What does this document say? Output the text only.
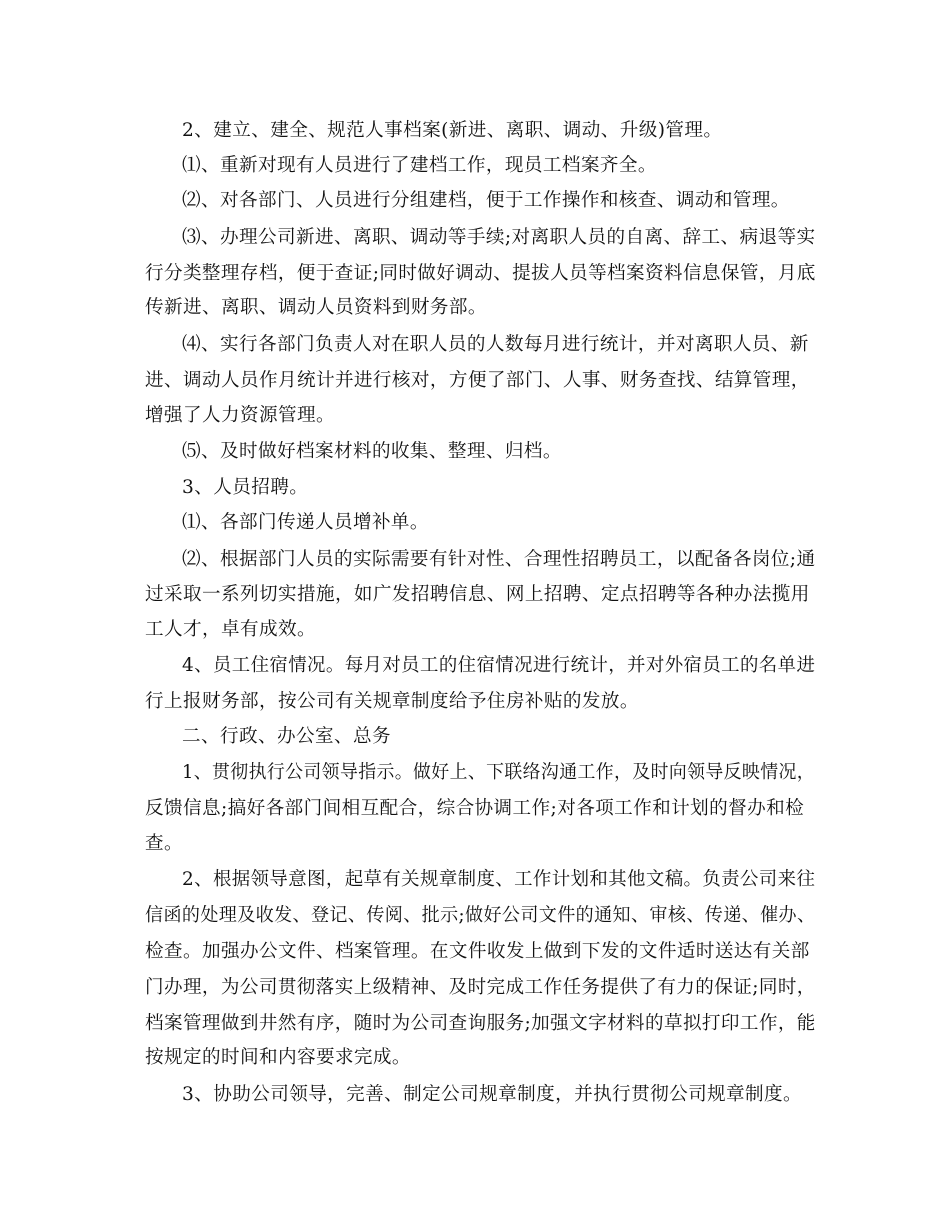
2、建立、建全、规范人事档案(新进、离职、调动、升级)管理。
⑴、重新对现有人员进行了建档工作，现员工档案齐全。
⑵、对各部门、人员进行分组建档，便于工作操作和核查、调动和管理。
⑶、办理公司新进、离职、调动等手续;对离职人员的自离、辞工、病退等实
行分类整理存档，便于查证;同时做好调动、提拔人员等档案资料信息保管，月底
传新进、离职、调动人员资料到财务部。
⑷、实行各部门负责人对在职人员的人数每月进行统计，并对离职人员、新
进、调动人员作月统计并进行核对，方便了部门、人事、财务查找、结算管理，
增强了人力资源管理。
⑸、及时做好档案材料的收集、整理、归档。
3、人员招聘。
⑴、各部门传递人员增补单。
⑵、根据部门人员的实际需要有针对性、合理性招聘员工，以配备各岗位;通
过采取一系列切实措施，如广发招聘信息、网上招聘、定点招聘等各种办法揽用
工人才，卓有成效。
4、员工住宿情况。每月对员工的住宿情况进行统计，并对外宿员工的名单进
行上报财务部，按公司有关规章制度给予住房补贴的发放。
二、行政、办公室、总务
1、贯彻执行公司领导指示。做好上、下联络沟通工作，及时向领导反映情况，
反馈信息;搞好各部门间相互配合，综合协调工作;对各项工作和计划的督办和检
查。
2、根据领导意图，起草有关规章制度、工作计划和其他文稿。负责公司来往
信函的处理及收发、登记、传阅、批示;做好公司文件的通知、审核、传递、催办、
检查。加强办公文件、档案管理。在文件收发上做到下发的文件适时送达有关部
门办理，为公司贯彻落实上级精神、及时完成工作任务提供了有力的保证;同时，
档案管理做到井然有序，随时为公司查询服务;加强文字材料的草拟打印工作，能
按规定的时间和内容要求完成。
3、协助公司领导，完善、制定公司规章制度，并执行贯彻公司规章制度。
